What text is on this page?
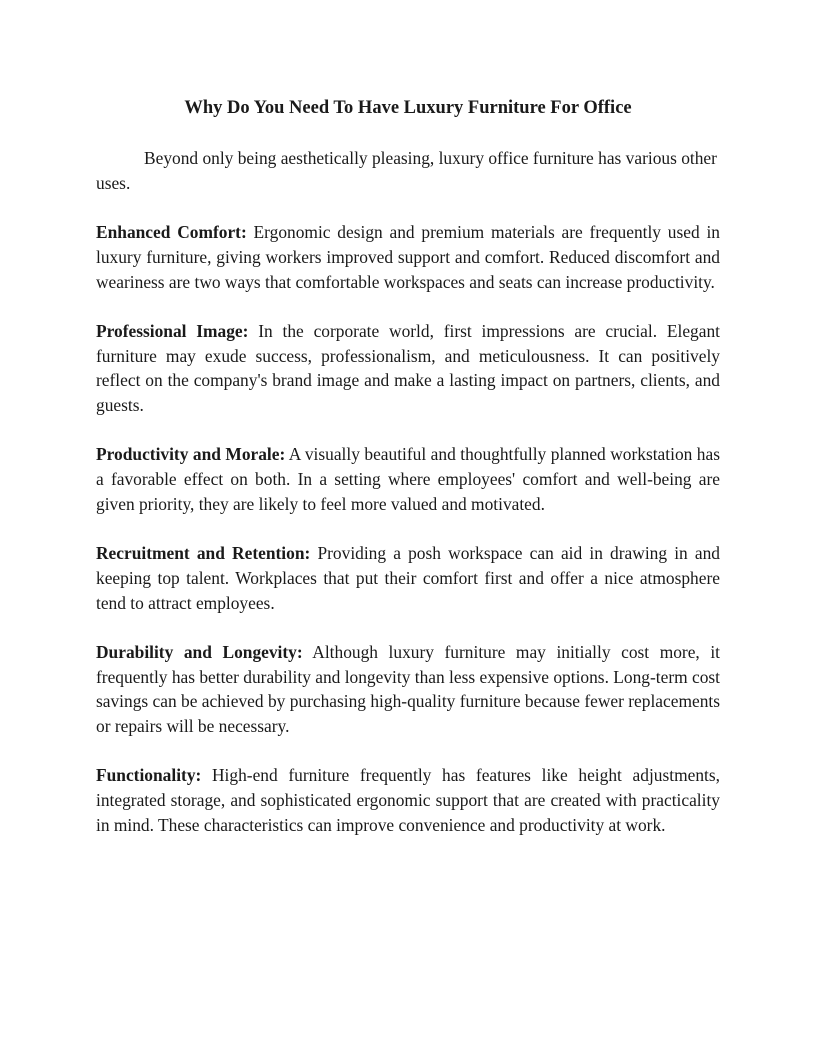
Why Do You Need To Have Luxury Furniture For Office

Beyond only being aesthetically pleasing, luxury office furniture has various other uses.

Enhanced Comfort: Ergonomic design and premium materials are frequently used in luxury furniture, giving workers improved support and comfort. Reduced discomfort and weariness are two ways that comfortable workspaces and seats can increase productivity.

Professional Image: In the corporate world, first impressions are crucial. Elegant furniture may exude success, professionalism, and meticulousness. It can positively reflect on the company's brand image and make a lasting impact on partners, clients, and guests.

Productivity and Morale: A visually beautiful and thoughtfully planned workstation has a favorable effect on both. In a setting where employees' comfort and well-being are given priority, they are likely to feel more valued and motivated.

Recruitment and Retention: Providing a posh workspace can aid in drawing in and keeping top talent. Workplaces that put their comfort first and offer a nice atmosphere tend to attract employees.

Durability and Longevity: Although luxury furniture may initially cost more, it frequently has better durability and longevity than less expensive options. Long-term cost savings can be achieved by purchasing high-quality furniture because fewer replacements or repairs will be necessary.

Functionality: High-end furniture frequently has features like height adjustments, integrated storage, and sophisticated ergonomic support that are created with practicality in mind. These characteristics can improve convenience and productivity at work.
